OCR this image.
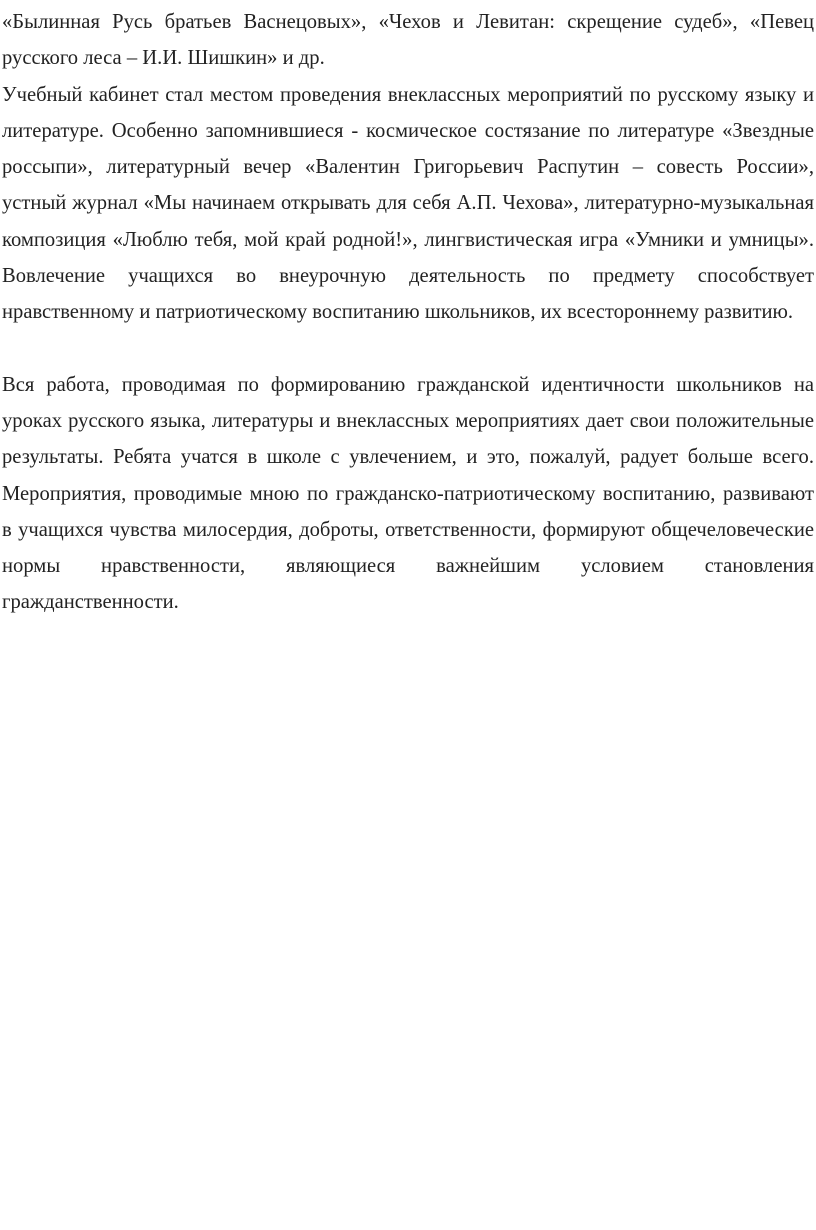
«Былинная Русь братьев Васнецовых», «Чехов и Левитан: скрещение судеб», «Певец русского леса – И.И. Шишкин» и др.

Учебный кабинет стал местом проведения внеклассных мероприятий по русскому языку и литературе. Особенно запомнившиеся - космическое состязание по литературе «Звездные россыпи», литературный вечер «Валентин Григорьевич Распутин – совесть России», устный журнал «Мы начинаем открывать для себя А.П. Чехова», литературно-музыкальная композиция «Люблю тебя, мой край родной!», лингвистическая игра «Умники и умницы». Вовлечение учащихся во внеурочную деятельность по предмету способствует нравственному и патриотическому воспитанию школьников, их всестороннему развитию.

Вся работа, проводимая по формированию гражданской идентичности школьников на уроках русского языка, литературы и внеклассных мероприятиях дает свои положительные результаты. Ребята учатся в школе с увлечением, и это, пожалуй, радует больше всего. Мероприятия, проводимые мною по гражданско-патриотическому воспитанию, развивают в учащихся чувства милосердия, доброты, ответственности, формируют общечеловеческие нормы нравственности, являющиеся важнейшим условием становления гражданственности.
